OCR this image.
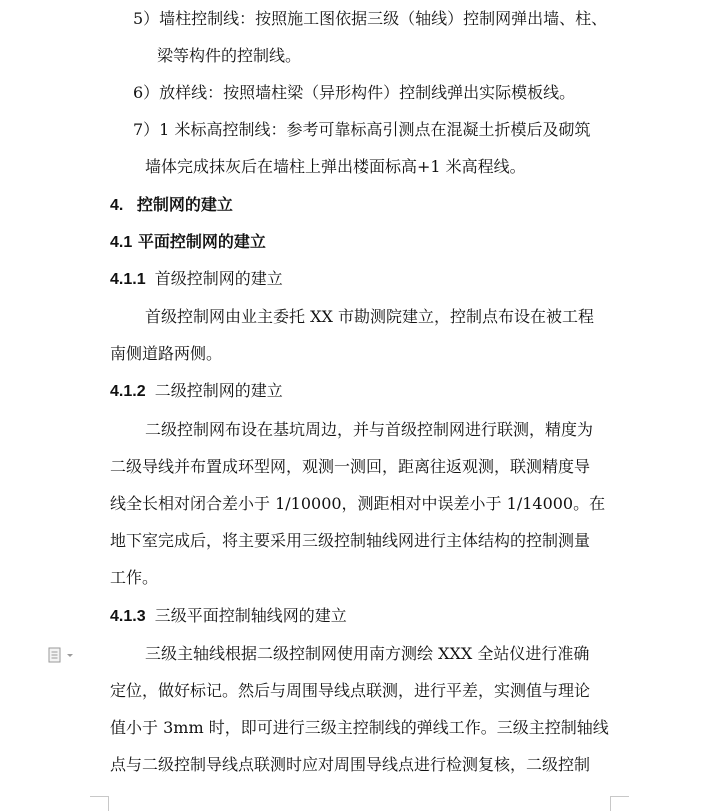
5）墙柱控制线：按照施工图依据三级（轴线）控制网弹出墙、柱、
梁等构件的控制线。
6）放样线：按照墙柱梁（异形构件）控制线弹出实际模板线。
7）1 米标高控制线：参考可靠标高引测点在混凝土折模后及砌筑
墙体完成抹灰后在墙柱上弹出楼面标高+1 米高程线。
4. 控制网的建立
4.1 平面控制网的建立
4.1.1 首级控制网的建立
首级控制网由业主委托 XX 市勘测院建立，控制点布设在被工程
南侧道路两侧。
4.1.2 二级控制网的建立
二级控制网布设在基坑周边，并与首级控制网进行联测，精度为
二级导线并布置成环型网，观测一测回，距离往返观测，联测精度导
线全长相对闭合差小于 1/10000，测距相对中误差小于 1/14000。在
地下室完成后，将主要采用三级控制轴线网进行主体结构的控制测量
工作。
4.1.3 三级平面控制轴线网的建立
三级主轴线根据二级控制网使用南方测绘 XXX 全站仪进行准确
定位，做好标记。然后与周围导线点联测，进行平差，实测值与理论
值小于 3mm 时，即可进行三级主控制线的弹线工作。三级主控制轴线
点与二级控制导线点联测时应对周围导线点进行检测复核，二级控制
